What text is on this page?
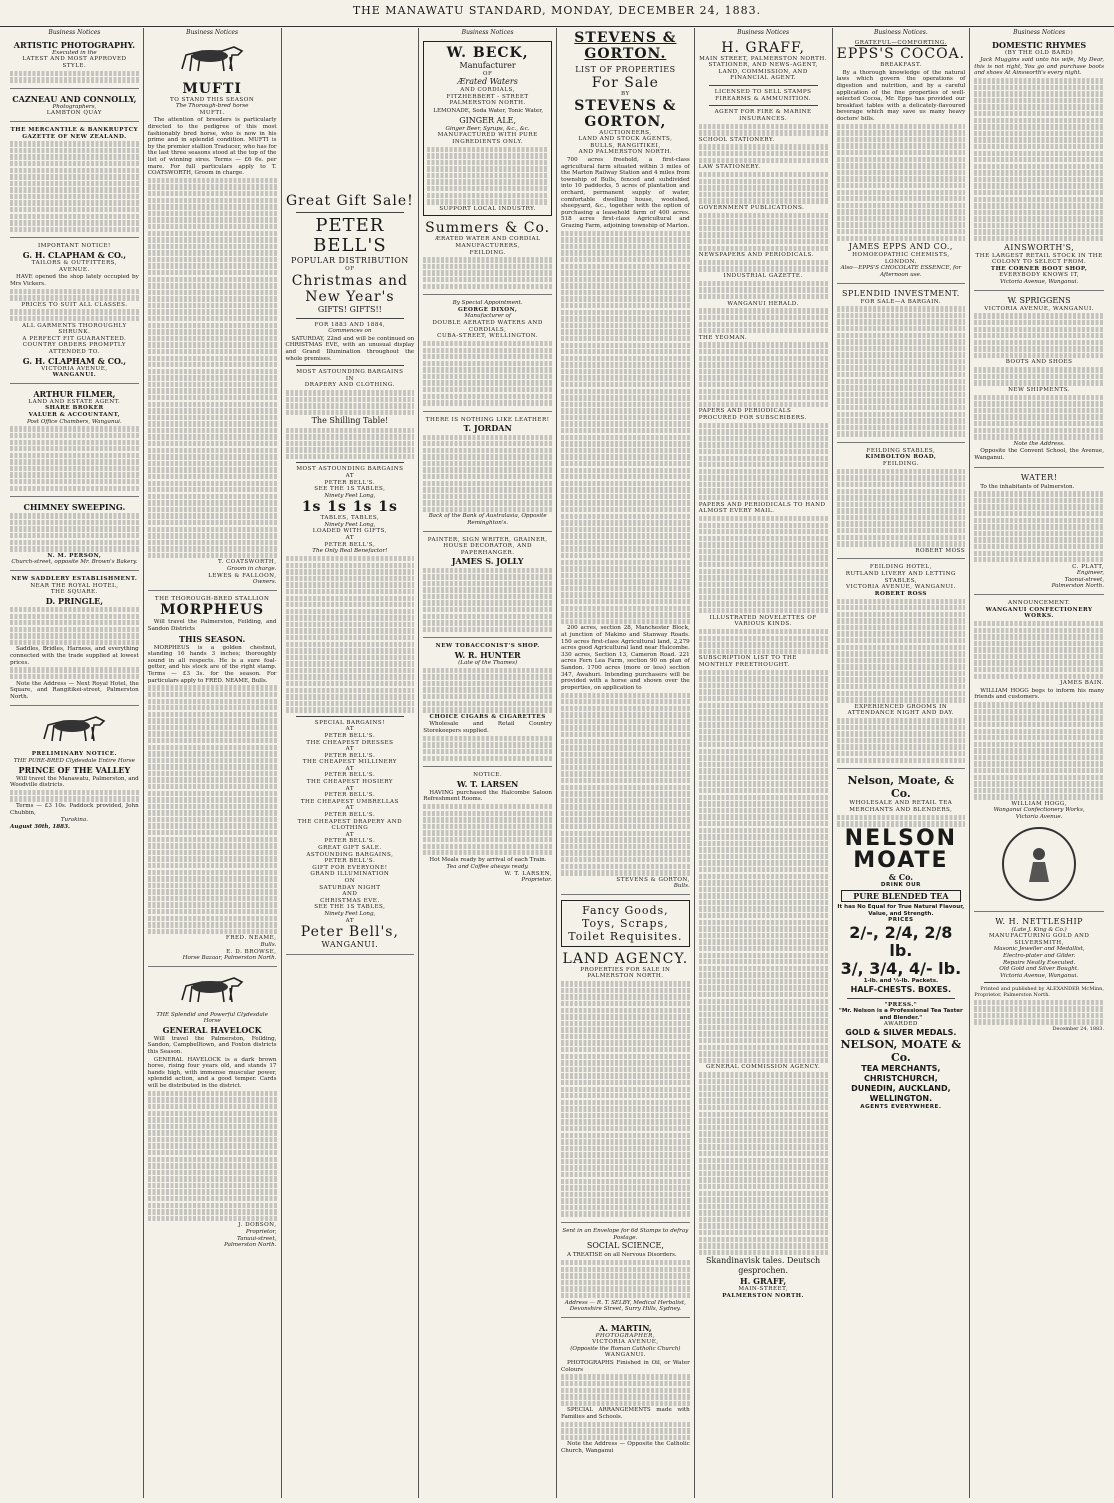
THE MANAWATU STANDARD, MONDAY, DECEMBER 24, 1883.
Business Notices
ARTISTIC PHOTOGRAPHY.
Executed in the
LATEST AND MOST APPROVED STYLE.
CAZNEAU AND CONNOLLY,
Photographers,
LAMBTON QUAY
THE MERCANTILE & BANKRUPTCY GAZETTE OF NEW ZEALAND.
IMPORTANT NOTICE!
G. H. CLAPHAM & CO.,
TAILORS & OUTFITTERS,
AVENUE.
HAVE opened the shop lately occupied by Mrs Vickers.
PRICES TO SUIT ALL CLASSES.
ALL GARMENTS THOROUGHLY SHRUNK.
A PERFECT FIT GUARANTEED.
COUNTRY ORDERS PROMPTLY ATTENDED TO.
G. H. CLAPHAM & CO.,
VICTORIA AVENUE,
WANGANUI.
ARTHUR FILMER,
LAND AND ESTATE AGENT.
SHARE BROKER
VALUER & ACCOUNTANT,
Post Office Chambers, Wanganui.
CHIMNEY SWEEPING.
N. M. PERSON,
Church-street, opposite Mr. Brown's Bakery.
NEW SADDLERY ESTABLISHMENT.
NEAR THE ROYAL HOTEL,
THE SQUARE.
D. PRINGLE,
Saddles, Bridles, Harness, and everything connected with the trade supplied at lowest prices.
Note the Address — Next Royal Hotel, the Square, and Rangitikei-street, Palmerston North.
PRELIMINARY NOTICE.
THE PURE-BRED Clydesdale Entire Horse
PRINCE OF THE VALLEY
Will travel the Manawatu, Palmerston, and Woodville districts.
Terms — £3 10s. Paddock provided, John Chubbin,
Turakina.
August 30th, 1883.
Business Notices
MUFTI
TO STAND THIS SEASON
The Thorough-bred horse
MUFTI.
The attention of breeders is particularly directed to the pedigree of this most fashionably bred horse, who is now in his prime and in splendid condition. MUFTI is by the premier stallion Traducer, who has for the last three seasons stood at the top of the list of winning sires. Terms — £6 6s. per mare. For full particulars apply to T. COATSWORTH, Groom in charge.
T. COATSWORTH,
Groom in charge.
LEWES & FALLOON,
Owners.
THE THOROUGH-BRED STALLION
MORPHEUS
Will travel the Palmerston, Feilding, and Sandon Districts
THIS SEASON.
MORPHEUS is a golden chestnut, standing 16 hands 3 inches; thoroughly sound in all respects. He is a sure foal-getter, and his stock are of the right stamp. Terms — £3 3s. for the season. For particulars apply to FRED. NEAME, Bulls.
FRED. NEAME,
Bulls.
E. D. BROWSE,
Horse Bazaar, Palmerston North.
THE Splendid and Powerful Clydesdale Horse
GENERAL HAVELOCK
Will travel the Palmerston, Feilding, Sandon, Campbelltown, and Foxton districts this Season.
GENERAL HAVELOCK is a dark brown horse, rising four years old, and stands 17 hands high, with immense muscular power, splendid action, and a good temper. Cards will be distributed in the district.
J. DOBSON,
Proprietor,
Tanuui-street,
Palmerston North.
Great Gift Sale!
PETER BELL'S
POPULAR DISTRIBUTION
OF
Christmas and New Year's
GIFTS! GIFTS!!
FOR 1883 AND 1884,
Commences on
SATURDAY, 22nd and will be continued on CHRISTMAS EVE, with an unusual display and Grand Illumination throughout the whole premises.
MOST ASTOUNDING BARGAINS
IN
DRAPERY AND CLOTHING.
The Shilling Table!
MOST ASTOUNDING BARGAINS
AT
PETER BELL'S.
SEE THE 1S TABLES,
Ninety Feet Long,
1s 1s 1s 1s
TABLES, TABLES,
Ninety Feet Long,
LOADED WITH GIFTS,
AT
PETER BELL'S,
The Only Real Benefactor!
SPECIAL BARGAINS!
AT
PETER BELL'S.
THE CHEAPEST DRESSES
AT
PETER BELL'S.
THE CHEAPEST MILLINERY
AT
PETER BELL'S.
THE CHEAPEST HOSIERY
AT
PETER BELL'S.
THE CHEAPEST UMBRELLAS
AT
PETER BELL'S.
THE CHEAPEST DRAPERY AND CLOTHING
AT
PETER BELL'S.
GREAT GIFT SALE.
ASTOUNDING BARGAINS,
PETER BELL'S.
GIFT FOR EVERYONE!
GRAND ILLUMINATION
ON
SATURDAY NIGHT
AND
CHRISTMAS EVE.
SEE THE 1S TABLES,
Ninety Feet Long,
AT
Peter Bell's,
WANGANUI.
Business Notices
W. BECK,
Manufacturer
OF
Ærated Waters
AND CORDIALS,
FITZHERBERT - STREET
PALMERSTON NORTH.
LEMONADE, Soda Water, Tonic Water,
GINGER ALE,
Ginger Beer, Syrups, &c., &c.
MANUFACTURED WITH PURE INGREDIENTS ONLY.
SUPPORT LOCAL INDUSTRY.
Summers & Co.
ÆRATED WATER AND CORDIAL MANUFACTURERS,
FEILDING.
By Special Appointment.
GEORGE DIXON,
Manufacturer of
DOUBLE AERATED WATERS AND CORDIALS,
CUBA-STREET, WELLINGTON.
THERE IS NOTHING LIKE LEATHER!
T. JORDAN
Back of the Bank of Australasia, Opposite Reminghton's.
PAINTER, SIGN WRITER, GRAINER, HOUSE DECORATOR, AND PAPERHANGER.
JAMES S. JOLLY
NEW TOBACCONIST'S SHOP.
W. R. HUNTER
(Late of the Thames)
CHOICE CIGARS & CIGARETTES
Wholesale and Retail Country Storekeepers supplied.
NOTICE.
W. T. LARSEN
HAVING purchased the Halcombe Saloon Refreshment Rooms.
Hot Meals ready by arrival of each Train.
Tea and Coffee always ready.
W. T. LARSEN,
Proprietor.
STEVENS & GORTON.
LIST OF PROPERTIES
For Sale
BY
STEVENS & GORTON,
AUCTIONEERS,
LAND AND STOCK AGENTS,
BULLS, RANGITIKEI,
AND PALMERSTON NORTH.
700 acres freehold, a first-class agricultural farm situated within 3 miles of the Marton Railway Station and 4 miles from township of Bulls, fenced and subdivided into 10 paddocks, 5 acres of plantation and orchard, permanent supply of water, comfortable dwelling house, woolshed, sheepyard, &c., together with the option of purchasing a leasehold farm of 400 acres. 518 acres first-class Agricultural and Grazing Farm, adjoining township of Marton.
200 acres, section 28, Manchester Block, at junction of Makino and Stanway Roads. 150 acres first-class Agricultural land, 2,279 acres good Agricultural land near Halcombe. 330 acres, Section 13, Cameron Road. 221 acres Fern Lea Farm, section 90 on plan of Sandon. 1700 acres (more or less) section 347, Awahuri. Intending purchasers will be provided with a horse and shown over the properties, on application to
STEVENS & GORTON,
Bulls.
Fancy Goods, Toys, Scraps, Toilet Requisites.
LAND AGENCY.
PROPERTIES FOR SALE IN PALMERSTON NORTH.
Sent in an Envelope for 6d Stamps to defray Postage.
SOCIAL SCIENCE,
A TREATISE on all Nervous Disorders.
Address — R. T. SELBY, Medical Herbalist,
Devonshire Street, Surry Hills, Sydney.
A. MARTIN,
PHOTOGRAPHER,
VICTORIA AVENUE,
(Opposite the Roman Catholic Church)
WANGANUI.
PHOTOGRAPHS Finished in Oil, or Water Colours
SPECIAL ARRANGEMENTS made with Families and Schools.
Note the Address — Opposite the Catholic Church, Wanganui
Business Notices
H. GRAFF,
MAIN STREET, PALMERSTON NORTH.
STATIONER, AND NEWS-AGENT,
LAND, COMMISSION, AND FINANCIAL AGENT.
LICENSED TO SELL STAMPS FIREARMS & AMMUNITION.
AGENT FOR FIRE & MARINE INSURANCES.
SCHOOL STATIONERY.
LAW STATIONERY.
GOVERNMENT PUBLICATIONS.
NEWSPAPERS AND PERIODICALS.
INDUSTRIAL GAZETTE.
WANGANUI HERALD.
THE YEOMAN.
PAPERS AND PERIODICALS PROCURED FOR SUBSCRIBERS.
PAPERS AND PERIODICALS TO HAND ALMOST EVERY MAIL.
ILLUSTRATED NOVELETTES OF VARIOUS KINDS.
SUBSCRIPTION LIST TO THE MONTHLY FREETHOUGHT.
GENERAL COMMISSION AGENCY.
Skandinavisk tales. Deutsch gesprochen.
H. GRAFF,
MAIN-STREET,
PALMERSTON NORTH.
Business Notices.
GRATEFUL—COMFORTING.
EPPS'S COCOA.
BREAKFAST.
By a thorough knowledge of the natural laws which govern the operations of digestion and nutrition, and by a careful application of the fine properties of well-selected Cocoa, Mr. Epps has provided our breakfast tables with a delicately-flavoured beverage which may save us many heavy doctors' bills.
JAMES EPPS AND CO.,
HOMOEOPATHIC CHEMISTS,
LONDON.
Also—EPPS'S CHOCOLATE ESSENCE, for Afternoon use.
SPLENDID INVESTMENT.
FOR SALE—A BARGAIN.
FEILDING STABLES,
KIMBOLTON ROAD,
FEILDING.
ROBERT MOSS
FEILDING HOTEL,
RUTLAND LIVERY AND LETTING STABLES,
VICTORIA AVENUE, WANGANUI.
ROBERT ROSS
EXPERIENCED GROOMS IN ATTENDANCE NIGHT AND DAY.
Nelson, Moate, & Co.
WHOLESALE AND RETAIL TEA MERCHANTS AND BLENDERS,
NELSON
MOATE
& Co.
DRINK OUR
PURE BLENDED TEA
It has No Equal for True Natural Flavour, Value, and Strength.
PRICES
2/-, 2/4, 2/8 lb.
3/, 3/4, 4/- lb.
1-lb. and ½-lb. Packets.
HALF-CHESTS. BOXES.
"PRESS."
"Mr. Nelson is a Professional Tea Taster and Blender."
AWARDED
GOLD & SILVER MEDALS.
NELSON, MOATE & Co.
TEA MERCHANTS,
CHRISTCHURCH,
DUNEDIN, AUCKLAND,
WELLINGTON.
AGENTS EVERYWHERE.
Business Notices
DOMESTIC RHYMES
(BY THE OLD BARD)
Jack Muggins said unto his wife, My Dear, this is not right, You go and purchase boots and shoes At Ainsworth's every night.
AINSWORTH'S,
THE LARGEST RETAIL STOCK IN THE COLONY TO SELECT FROM.
THE CORNER BOOT SHOP,
EVERYBODY KNOWS IT,
Victoria Avenue, Wanganui.
W. SPRIGGENS
VICTORIA AVENUE, WANGANUI.
BOOTS AND SHOES
NEW SHIPMENTS.
Note the Address.
Opposite the Convent School, the Avenue, Wanganui.
WATER!
To the inhabitants of Palmerston.
C. PLATT,
Engineer,
Taonui-street,
Palmerston North.
ANNOUNCEMENT.
WANGANUI CONFECTIONERY WORKS.
JAMES BAIN.
WILLIAM HOGG begs to inform his many friends and customers.
WILLIAM HOGG,
Wanganui Confectionery Works,
Victoria Avenue.
W. H. NETTLESHIP
(Late J. King & Co.)
MANUFACTURING GOLD AND SILVERSMITH,
Masonic Jeweller and Medallist,
Electro-plater and Gilder.
Repairs Neatly Executed.
Old Gold and Silver Bought.
Victoria Avenue, Wanganui.
Printed and published by ALEXANDER McMinn, Proprietor, Palmerston North.
December 24, 1883.
